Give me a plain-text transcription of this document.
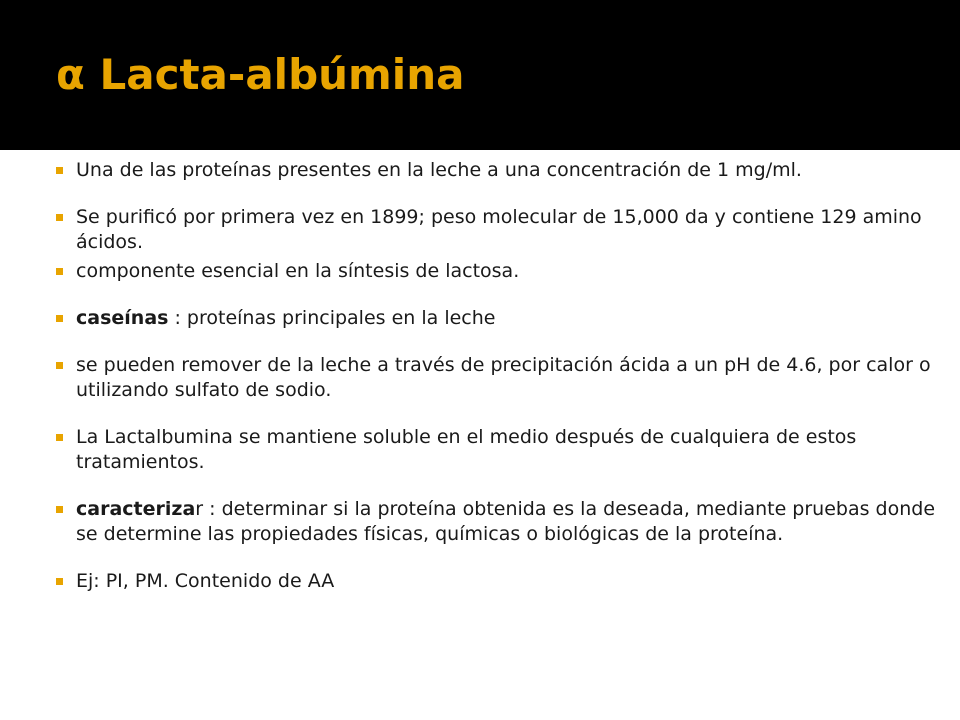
α Lacta-albúmina
Una de las proteínas presentes en la leche a una concentración de 1 mg/ml.
Se purificó por primera vez en 1899; peso molecular de 15,000 da y contiene 129 amino ácidos.
componente esencial en la síntesis de lactosa.
caseínas : proteínas principales en la leche
se pueden remover de la leche a través de precipitación ácida a un pH de 4.6, por calor o utilizando sulfato de sodio.
La Lactalbumina se mantiene soluble en el medio después de cualquiera de estos tratamientos.
caracterizar : determinar si la proteína obtenida es la deseada, mediante pruebas donde se determine las propiedades físicas, químicas o biológicas de la proteína.
Ej: PI, PM. Contenido de AA
